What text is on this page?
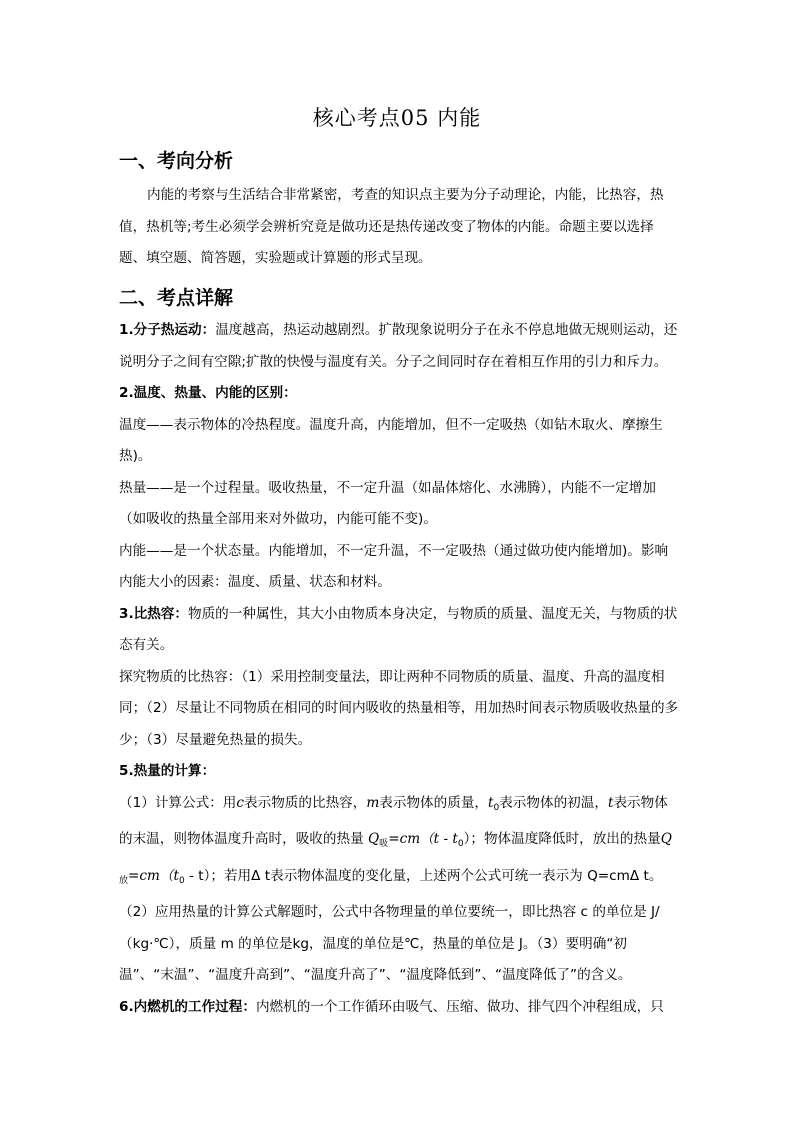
核心考点05 内能
一、考向分析

内能的考察与生活结合非常紧密，考查的知识点主要为分子动理论，内能，比热容，热值，热机等;考生必须学会辨析究竟是做功还是热传递改变了物体的内能。命题主要以选择题、填空题、简答题，实验题或计算题的形式呈现。

二、考点详解

1.分子热运动：温度越高，热运动越剧烈。扩散现象说明分子在永不停息地做无规则运动，还说明分子之间有空隙;扩散的快慢与温度有关。分子之间同时存在着相互作用的引力和斥力。

2.温度、热量、内能的区别：

温度——表示物体的冷热程度。温度升高，内能增加，但不一定吸热（如钻木取火、摩擦生热)。

热量——是一个过程量。吸收热量，不一定升温（如晶体熔化、水沸腾），内能不一定增加（如吸收的热量全部用来对外做功，内能可能不变)。

内能——是一个状态量。内能增加，不一定升温，不一定吸热（通过做功使内能增加)。影响内能大小的因素：温度、质量、状态和材料。

3.比热容：物质的一种属性，其大小由物质本身决定，与物质的质量、温度无关，与物质的状态有关。

探究物质的比热容：（1）采用控制变量法，即让两种不同物质的质量、温度、升高的温度相同；（2）尽量让不同物质在相同的时间内吸收的热量相等，用加热时间表示物质吸收热量的多少；（3）尽量避免热量的损失。

5.热量的计算：

（1）计算公式：用c表示物质的比热容，m表示物体的质量，$t_0$表示物体的初温，t表示物体的末温，则物体温度升高时，吸收的热量 $Q_吸=cm(t - t_0)$；物体温度降低时，放出的热量$Q_放=cm(t_0 - t)$；若用Δ t表示物体温度的变化量，上述两个公式可统一表示为 Q=cmΔ t。

（2）应用热量的计算公式解题时，公式中各物理量的单位要统一，即比热容 c 的单位是 J/（kg·℃），质量 m 的单位是kg，温度的单位是℃，热量的单位是 J。（3）要明确“初温”、“末温”、“温度升高到”、“温度升高了”、“温度降低到”、“温度降低了”的含义。

6.内燃机的工作过程：内燃机的一个工作循环由吸气、压缩、做功、排气四个冲程组成，只
